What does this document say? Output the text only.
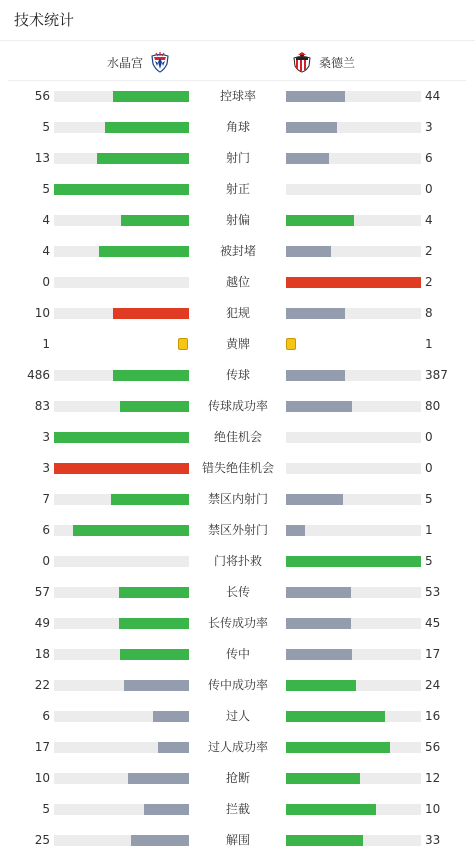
技术统计
水晶宫	桑德兰
56	控球率	44
5	角球	3
13	射门	6
5	射正	0
4	射偏	4
4	被封堵	2
0	越位	2
10	犯规	8
1	黄牌	1
486	传球	387
83	传球成功率	80
3	绝佳机会	0
3	错失绝佳机会	0
7	禁区内射门	5
6	禁区外射门	1
0	门将扑救	5
57	长传	53
49	长传成功率	45
18	传中	17
22	传中成功率	24
6	过人	16
17	过人成功率	56
10	抢断	12
5	拦截	10
25	解围	33
